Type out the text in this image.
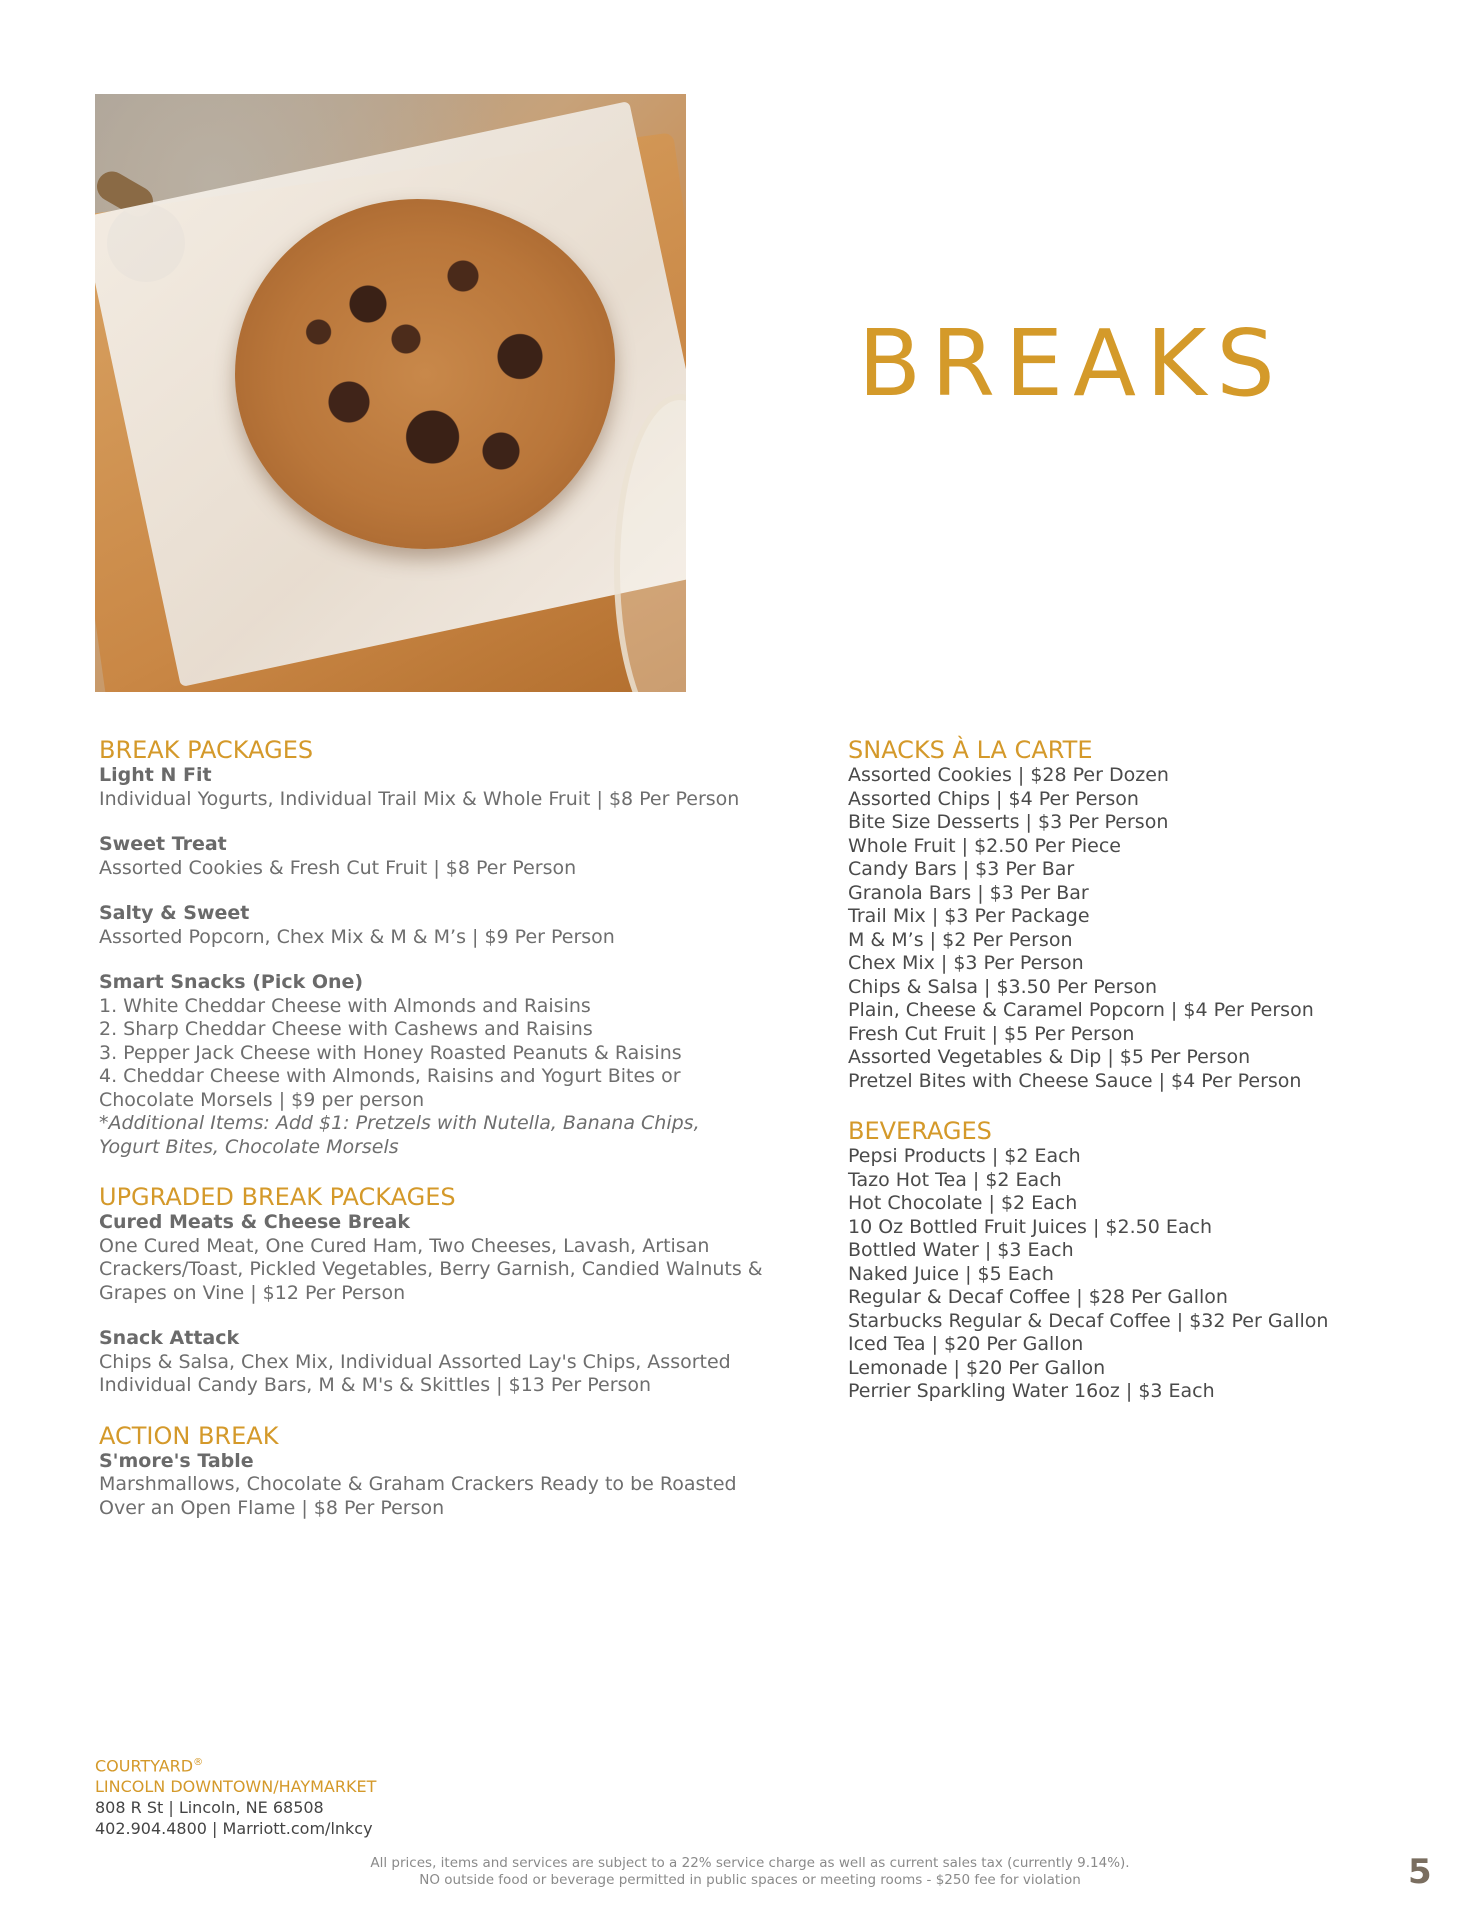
BREAKS
BREAK PACKAGES
Light N Fit
Individual Yogurts, Individual Trail Mix & Whole Fruit | $8 Per Person
Sweet Treat
Assorted Cookies & Fresh Cut Fruit | $8 Per Person
Salty & Sweet
Assorted Popcorn, Chex Mix & M & M’s | $9 Per Person
Smart Snacks (Pick One)
1. White Cheddar Cheese with Almonds and Raisins
2. Sharp Cheddar Cheese with Cashews and Raisins
3. Pepper Jack Cheese with Honey Roasted Peanuts & Raisins
4. Cheddar Cheese with Almonds, Raisins and Yogurt Bites or
Chocolate Morsels | $9 per person
*Additional Items: Add $1: Pretzels with Nutella, Banana Chips,
Yogurt Bites, Chocolate Morsels
UPGRADED BREAK PACKAGES
Cured Meats & Cheese Break
One Cured Meat, One Cured Ham, Two Cheeses, Lavash, Artisan
Crackers/Toast, Pickled Vegetables, Berry Garnish, Candied Walnuts &
Grapes on Vine | $12 Per Person
Snack Attack
Chips & Salsa, Chex Mix, Individual Assorted Lay's Chips, Assorted
Individual Candy Bars, M & M's & Skittles | $13 Per Person
ACTION BREAK
S'more's Table
Marshmallows, Chocolate & Graham Crackers Ready to be Roasted
Over an Open Flame | $8 Per Person
SNACKS À LA CARTE
Assorted Cookies | $28 Per Dozen
Assorted Chips | $4 Per Person
Bite Size Desserts | $3 Per Person
Whole Fruit | $2.50 Per Piece
Candy Bars | $3 Per Bar
Granola Bars | $3 Per Bar
Trail Mix | $3 Per Package
M & M’s | $2 Per Person
Chex Mix | $3 Per Person
Chips & Salsa | $3.50 Per Person
Plain, Cheese & Caramel Popcorn | $4 Per Person
Fresh Cut Fruit | $5 Per Person
Assorted Vegetables & Dip | $5 Per Person
Pretzel Bites with Cheese Sauce | $4 Per Person
BEVERAGES
Pepsi Products | $2 Each
Tazo Hot Tea | $2 Each
Hot Chocolate | $2 Each
10 Oz Bottled Fruit Juices | $2.50 Each
Bottled Water | $3 Each
Naked Juice | $5 Each
Regular & Decaf Coffee | $28 Per Gallon
Starbucks Regular & Decaf Coffee | $32 Per Gallon
Iced Tea | $20 Per Gallon
Lemonade | $20 Per Gallon
Perrier Sparkling Water 16oz | $3 Each
COURTYARD®
LINCOLN DOWNTOWN/HAYMARKET
808 R St | Lincoln, NE 68508
402.904.4800 | Marriott.com/lnkcy
All prices, items and services are subject to a 22% service charge as well as current sales tax (currently 9.14%).
NO outside food or beverage permitted in public spaces or meeting rooms - $250 fee for violation	5
